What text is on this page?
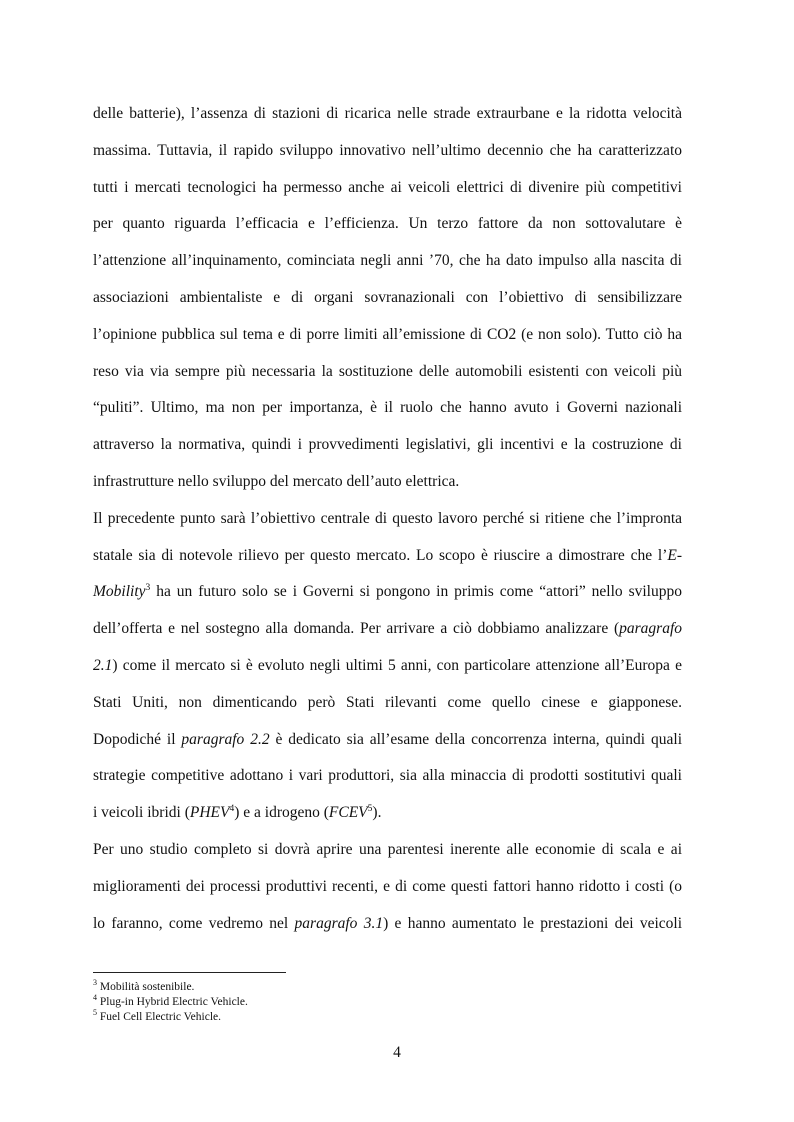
delle batterie), l’assenza di stazioni di ricarica nelle strade extraurbane e la ridotta velocità
massima. Tuttavia, il rapido sviluppo innovativo nell’ultimo decennio che ha caratterizzato
tutti i mercati tecnologici ha permesso anche ai veicoli elettrici di divenire più competitivi
per quanto riguarda l’efficacia e l’efficienza. Un terzo fattore da non sottovalutare è
l’attenzione all’inquinamento, cominciata negli anni ’70, che ha dato impulso alla nascita di
associazioni ambientaliste e di organi sovranazionali con l’obiettivo di sensibilizzare
l’opinione pubblica sul tema e di porre limiti all’emissione di CO2 (e non solo). Tutto ciò ha
reso via via sempre più necessaria la sostituzione delle automobili esistenti con veicoli più
“puliti”. Ultimo, ma non per importanza, è il ruolo che hanno avuto i Governi nazionali
attraverso la normativa, quindi i provvedimenti legislativi, gli incentivi e la costruzione di
infrastrutture nello sviluppo del mercato dell’auto elettrica.
Il precedente punto sarà l’obiettivo centrale di questo lavoro perché si ritiene che l’impronta
statale sia di notevole rilievo per questo mercato. Lo scopo è riuscire a dimostrare che l’E-
Mobility$^3$ ha un futuro solo se i Governi si pongono in primis come “attori” nello sviluppo
dell’offerta e nel sostegno alla domanda. Per arrivare a ciò dobbiamo analizzare (paragrafo
2.1) come il mercato si è evoluto negli ultimi 5 anni, con particolare attenzione all’Europa e
Stati Uniti, non dimenticando però Stati rilevanti come quello cinese e giapponese.
Dopodiché il paragrafo 2.2 è dedicato sia all’esame della concorrenza interna, quindi quali
strategie competitive adottano i vari produttori, sia alla minaccia di prodotti sostitutivi quali
i veicoli ibridi (PHEV$^4$) e a idrogeno (FCEV$^5$).
Per uno studio completo si dovrà aprire una parentesi inerente alle economie di scala e ai
miglioramenti dei processi produttivi recenti, e di come questi fattori hanno ridotto i costi (o
lo faranno, come vedremo nel paragrafo 3.1) e hanno aumentato le prestazioni dei veicoli
$^3$ Mobilità sostenibile.
$^4$ Plug-in Hybrid Electric Vehicle.
$^5$ Fuel Cell Electric Vehicle.
4
